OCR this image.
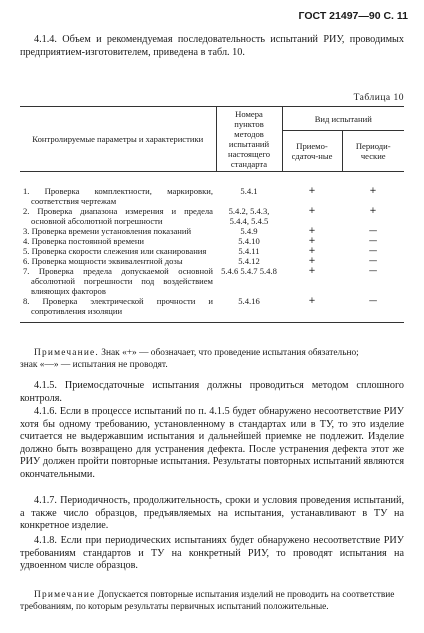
ГОСТ 21497—90 С. 11
4.1.4. Объем и рекомендуемая последовательность испытаний РИУ, проводимых предприятием-изготовителем, приведена в табл. 10.
Таблица 10
Контролируемые параметры и характеристики	Номера пунктов методов испытаний настоящего стандарта	Вид испытаний	
		Приемо-сдаточ-ные	Периоди-ческие

1. Проверка комплектности, маркировки, соответствия чертежам	5.4.1	+	+

2. Проверка диапазона измерения и предела основной абсолютной погрешности	5.4.2, 5.4.3, 5.4.4, 5.4.5	+	+

3. Проверка времени установления показаний	5.4.9	+	—

4. Проверка постоянной времени	5.4.10	+	—

5. Проверка скорости слежения или сканирования	5.4.11	+	—

6. Проверка мощности эквивалентной дозы	5.4.12	+	—

7. Проверка предела допускаемой основной абсолютной погрешности под воздействием влияющих факторов	5.4.6 5.4.7 5.4.8	+	—

8. Проверка электрической прочности и сопротивления изоляции	5.4.16	+	—
Примечание. Знак «+» — обозначает, что проведение испытания обязательно;
знак «—» — испытания не проводят.
4.1.5. Приемосдаточные испытания должны проводиться методом сплошного контроля.
4.1.6. Если в процессе испытаний по п. 4.1.5 будет обнаружено несоответствие РИУ хотя бы одному требованию, установленному в стандартах или в ТУ, то это изделие считается не выдержавшим испытания и дальнейшей приемке не подлежит. Изделие должно быть возвращено для устранения дефекта. После устранения дефекта этот же РИУ должен пройти повторные испытания. Результаты повторных испытаний являются окончательными.
4.1.7. Периодичность, продолжительность, сроки и условия проведения испытаний, а также число образцов, предъявляемых на испытания, устанавливают в ТУ на конкретное изделие.
4.1.8. Если при периодических испытаниях будет обнаружено несоответствие РИУ требованиям стандартов и ТУ на конкретный РИУ, то проводят испытания на удвоенном числе образцов.
Примечание Допускается повторные испытания изделий не проводить на соответствие требованиям, по которым результаты первичных испытаний положительные.
